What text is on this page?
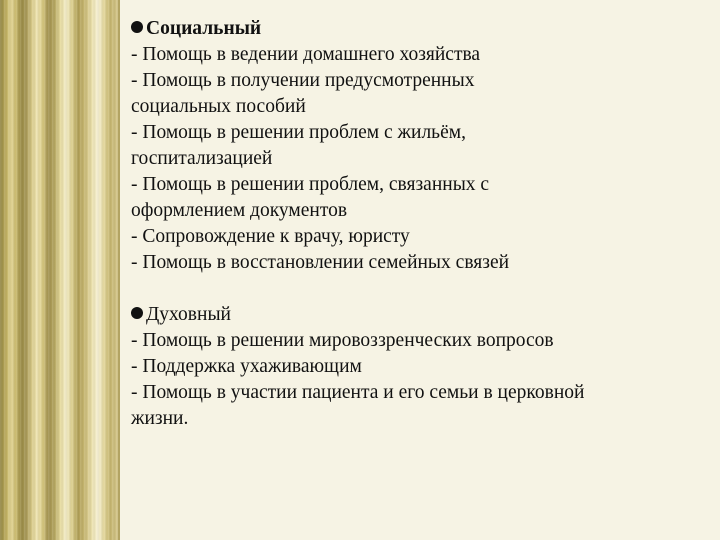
Социальный
- Помощь в ведении домашнего хозяйства
- Помощь в получении предусмотренных социальных пособий
- Помощь в решении проблем с жильём, госпитализацией
- Помощь в решении проблем, связанных с оформлением документов
- Сопровождение к врачу, юристу
- Помощь в восстановлении семейных связей
Духовный
- Помощь в решении мировоззренческих вопросов
- Поддержка ухаживающим
- Помощь в участии пациента и его семьи в церковной жизни.
